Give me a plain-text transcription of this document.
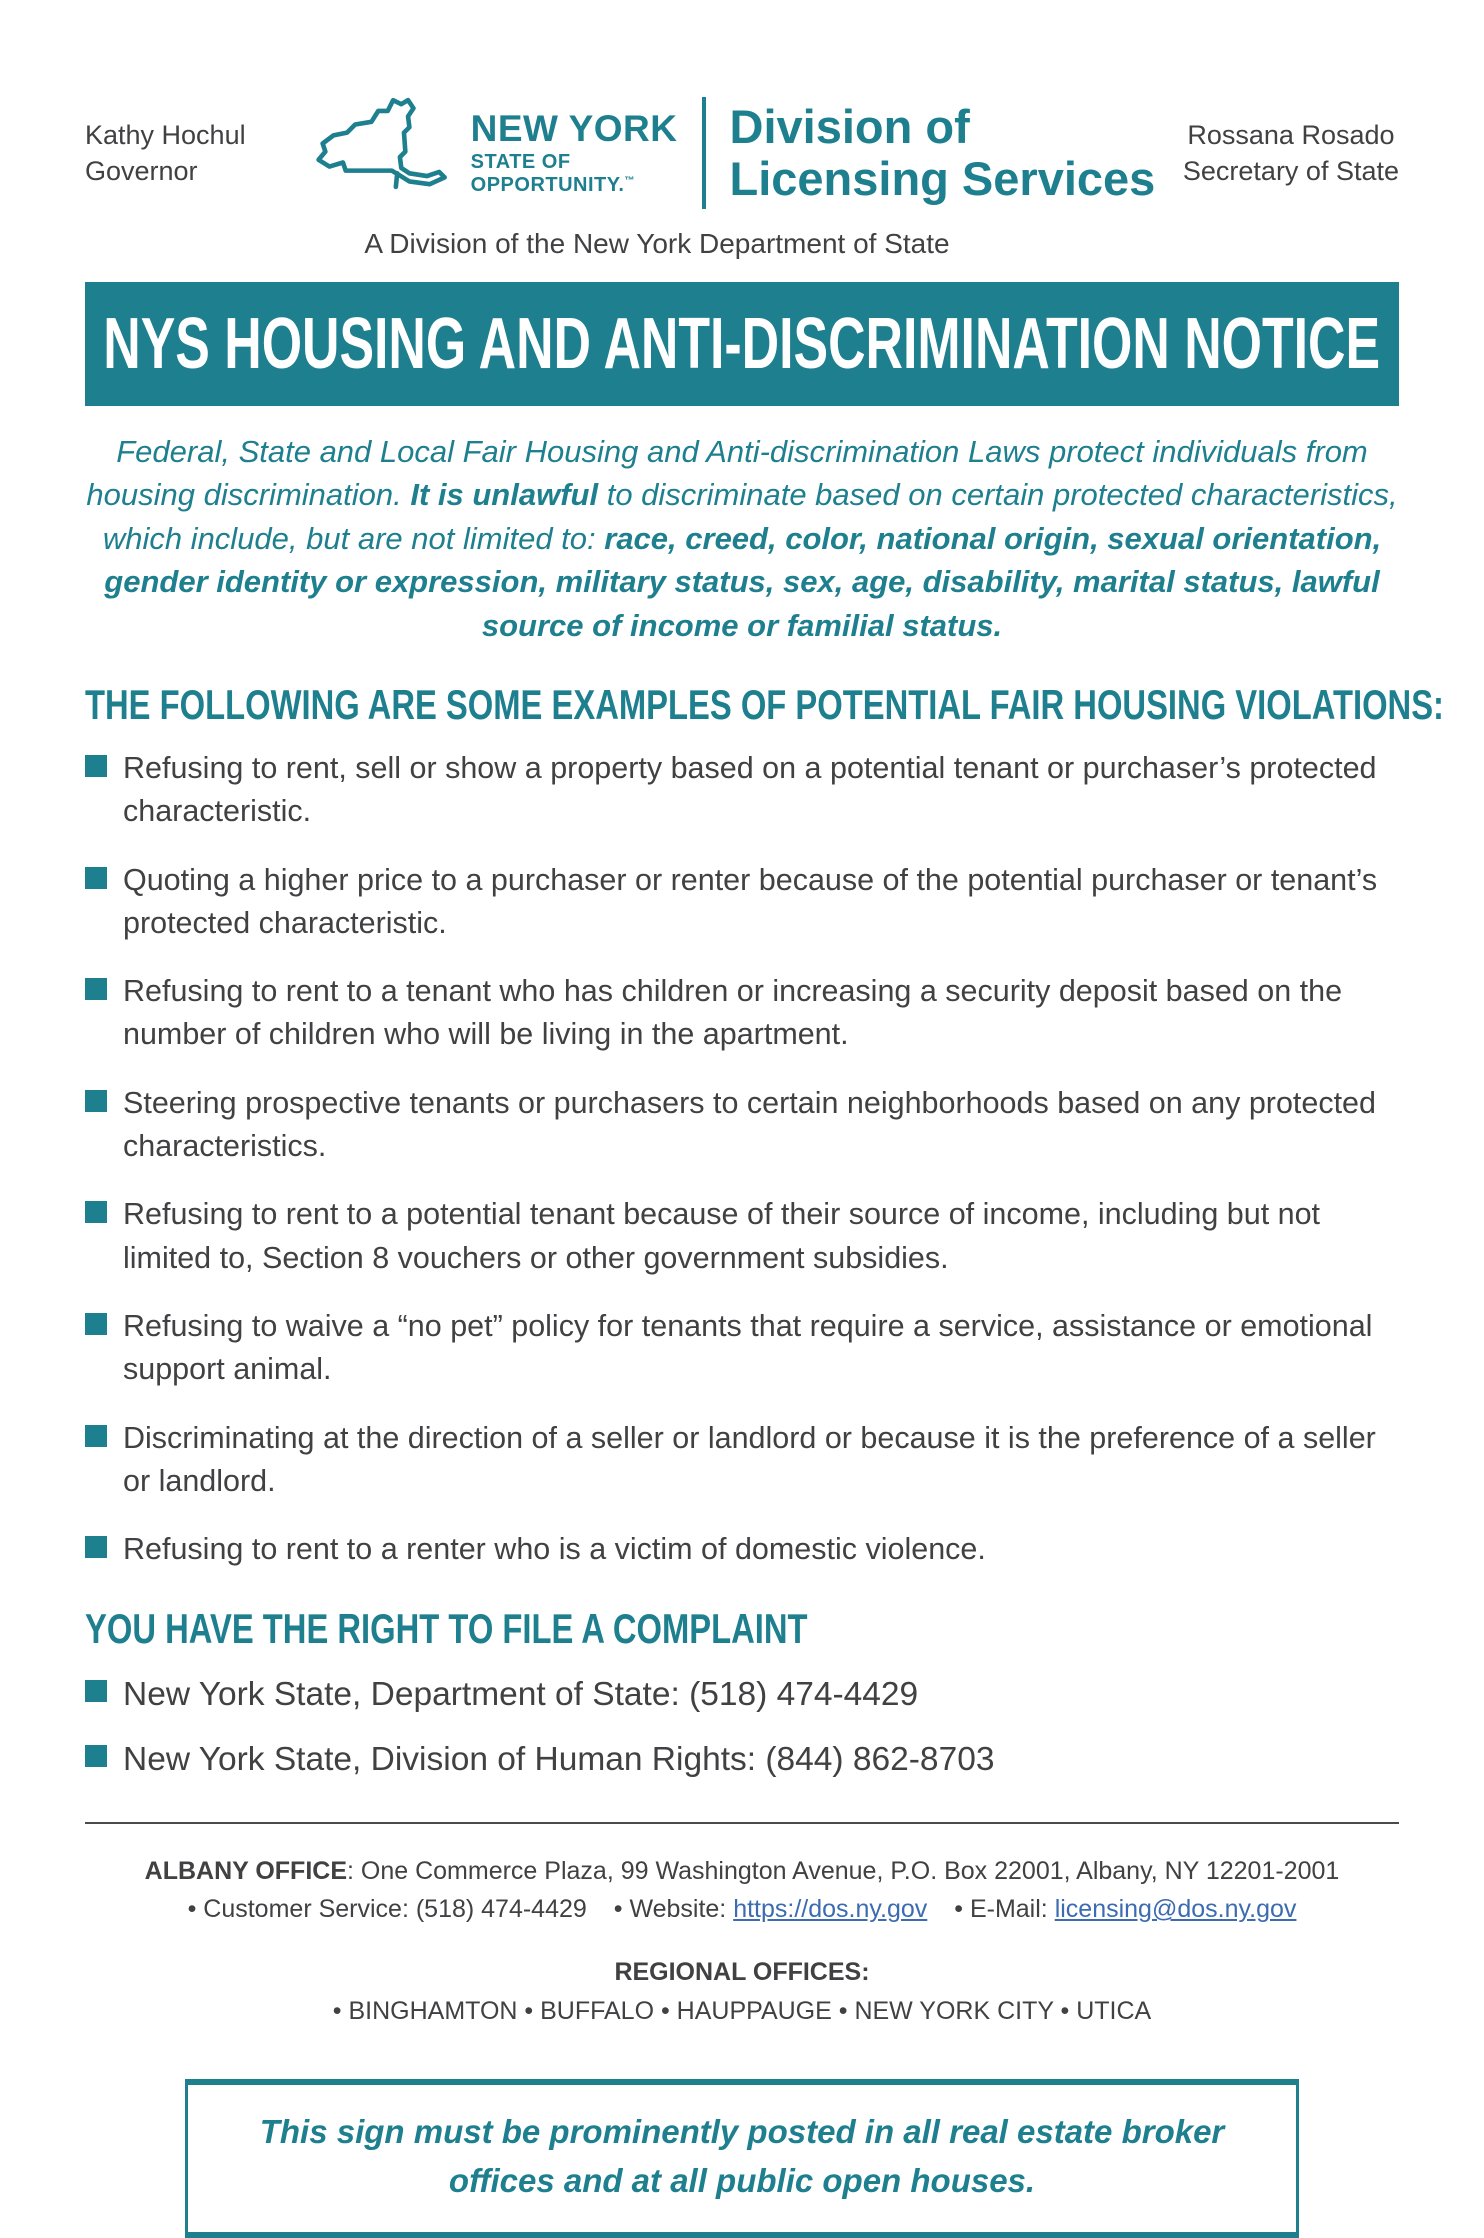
Kathy Hochul
Governor
NEW YORK
STATE OF
OPPORTUNITY.™
Division of
Licensing Services
Rossana Rosado
Secretary of State
A Division of the New York Department of State
NYS HOUSING AND ANTI-DISCRIMINATION NOTICE

Federal, State and Local Fair Housing and Anti-discrimination Laws protect individuals from housing discrimination. It is unlawful to discriminate based on certain protected characteristics, which include, but are not limited to: race, creed, color, national origin, sexual orientation, gender identity or expression, military status, sex, age, disability, marital status, lawful source of income or familial status.

THE FOLLOWING ARE SOME EXAMPLES OF POTENTIAL FAIR HOUSING VIOLATIONS:
Refusing to rent, sell or show a property based on a potential tenant or purchaser’s protected characteristic.
Quoting a higher price to a purchaser or renter because of the potential purchaser or tenant’s protected characteristic.
Refusing to rent to a tenant who has children or increasing a security deposit based on the number of children who will be living in the apartment.
Steering prospective tenants or purchasers to certain neighborhoods based on any protected characteristics.
Refusing to rent to a potential tenant because of their source of income, including but not limited to, Section 8 vouchers or other government subsidies.
Refusing to waive a “no pet” policy for tenants that require a service, assistance or emotional support animal.
Discriminating at the direction of a seller or landlord or because it is the preference of a seller or landlord.
Refusing to rent to a renter who is a victim of domestic violence.
YOU HAVE THE RIGHT TO FILE A COMPLAINT
New York State, Department of State: (518) 474-4429
New York State, Division of Human Rights: (844) 862-8703
ALBANY OFFICE: One Commerce Plaza, 99 Washington Avenue, P.O. Box 22001, Albany, NY 12201-2001
• Customer Service: (518) 474-4429 • Website: https://dos.ny.gov • E-Mail: licensing@dos.ny.gov
REGIONAL OFFICES:
• BINGHAMTON • BUFFALO • HAUPPAUGE • NEW YORK CITY • UTICA
This sign must be prominently posted in all real estate broker offices and at all public open houses.
